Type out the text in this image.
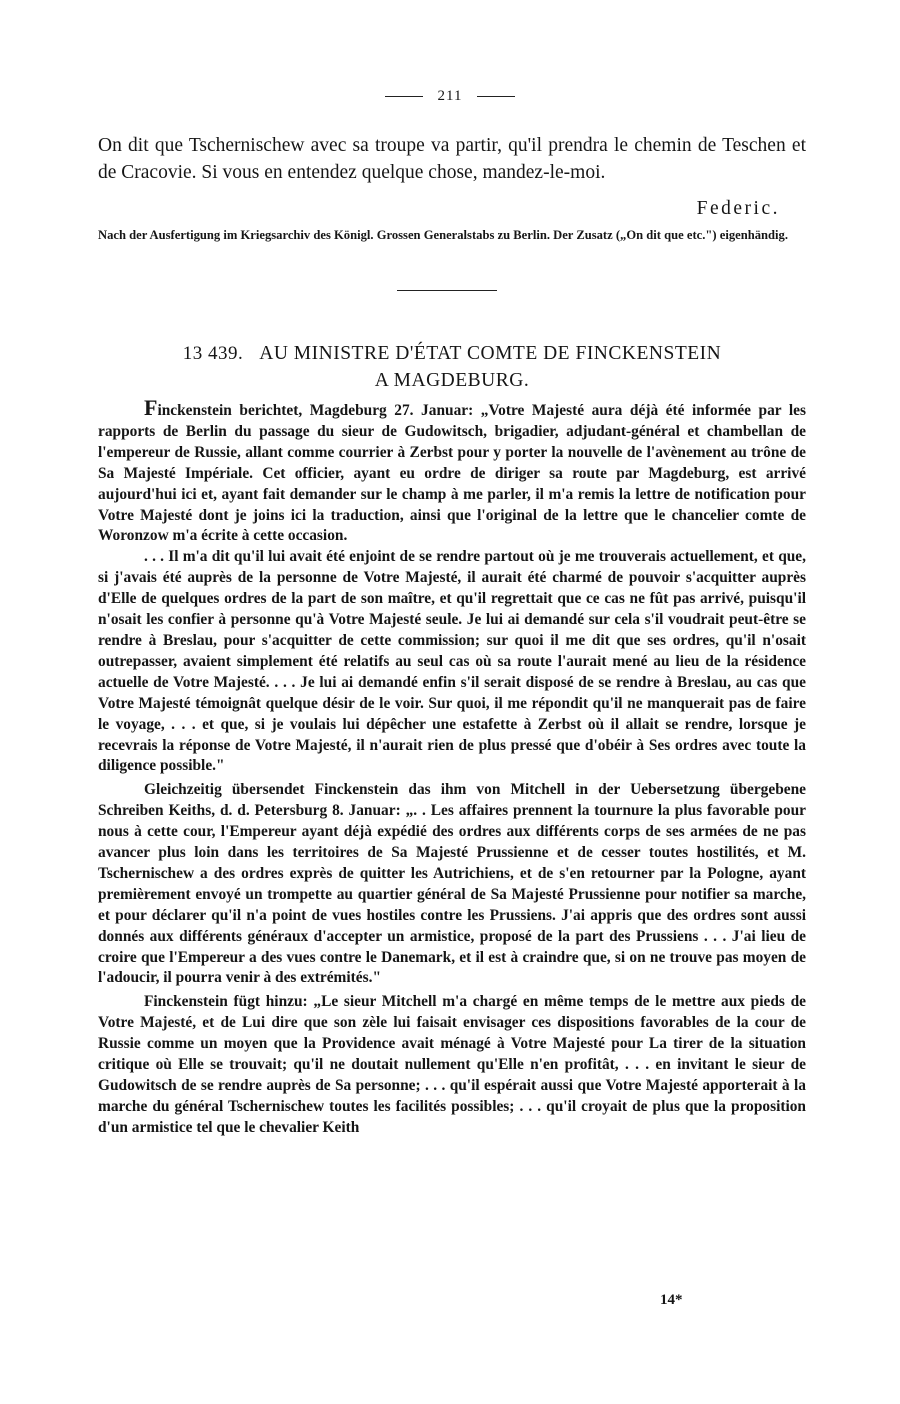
211
On dit que Tschernischew avec sa troupe va partir, qu'il prendra le chemin de Teschen et de Cracovie. Si vous en entendez quelque chose, mandez-le-moi.
Federic.
Nach der Ausfertigung im Kriegsarchiv des Königl. Grossen Generalstabs zu Berlin. Der Zusatz („On dit que etc.") eigenhändig.
13 439. AU MINISTRE D'ÉTAT COMTE DE FINCKENSTEIN
A MAGDEBURG.

Finckenstein berichtet, Magdeburg 27. Januar: „Votre Majesté aura déjà été informée par les rapports de Berlin du passage du sieur de Gudowitsch, brigadier, adjudant-général et chambellan de l'empereur de Russie, allant comme courrier à Zerbst pour y porter la nouvelle de l'avènement au trône de Sa Majesté Impériale. Cet officier, ayant eu ordre de diriger sa route par Magdeburg, est arrivé aujourd'hui ici et, ayant fait demander sur le champ à me parler, il m'a remis la lettre de notification pour Votre Majesté dont je joins ici la traduction, ainsi que l'original de la lettre que le chancelier comte de Woronzow m'a écrite à cette occasion.

. . . Il m'a dit qu'il lui avait été enjoint de se rendre partout où je me trouverais actuellement, et que, si j'avais été auprès de la personne de Votre Majesté, il aurait été charmé de pouvoir s'acquitter auprès d'Elle de quelques ordres de la part de son maître, et qu'il regrettait que ce cas ne fût pas arrivé, puisqu'il n'osait les confier à personne qu'à Votre Majesté seule. Je lui ai demandé sur cela s'il voudrait peut-être se rendre à Breslau, pour s'acquitter de cette commission; sur quoi il me dit que ses ordres, qu'il n'osait outrepasser, avaient simplement été relatifs au seul cas où sa route l'aurait mené au lieu de la résidence actuelle de Votre Majesté. . . . Je lui ai demandé enfin s'il serait disposé de se rendre à Breslau, au cas que Votre Majesté témoignât quelque désir de le voir. Sur quoi, il me répondit qu'il ne manquerait pas de faire le voyage, . . . et que, si je voulais lui dépêcher une estafette à Zerbst où il allait se rendre, lorsque je recevrais la réponse de Votre Majesté, il n'aurait rien de plus pressé que d'obéir à Ses ordres avec toute la diligence possible."

Gleichzeitig übersendet Finckenstein das ihm von Mitchell in der Uebersetzung übergebene Schreiben Keiths, d. d. Petersburg 8. Januar: „. . Les affaires prennent la tournure la plus favorable pour nous à cette cour, l'Empereur ayant déjà expédié des ordres aux différents corps de ses armées de ne pas avancer plus loin dans les territoires de Sa Majesté Prussienne et de cesser toutes hostilités, et M. Tschernischew a des ordres exprès de quitter les Autrichiens, et de s'en retourner par la Pologne, ayant premièrement envoyé un trompette au quartier général de Sa Majesté Prussienne pour notifier sa marche, et pour déclarer qu'il n'a point de vues hostiles contre les Prussiens. J'ai appris que des ordres sont aussi donnés aux différents généraux d'accepter un armistice, proposé de la part des Prussiens . . . J'ai lieu de croire que l'Empereur a des vues contre le Danemark, et il est à craindre que, si on ne trouve pas moyen de l'adoucir, il pourra venir à des extrémités."

Finckenstein fügt hinzu: „Le sieur Mitchell m'a chargé en même temps de le mettre aux pieds de Votre Majesté, et de Lui dire que son zèle lui faisait envisager ces dispositions favorables de la cour de Russie comme un moyen que la Providence avait ménagé à Votre Majesté pour La tirer de la situation critique où Elle se trouvait; qu'il ne doutait nullement qu'Elle n'en profitât, . . . en invitant le sieur de Gudowitsch de se rendre auprès de Sa personne; . . . qu'il espérait aussi que Votre Majesté apporterait à la marche du général Tschernischew toutes les facilités possibles; . . . qu'il croyait de plus que la proposition d'un armistice tel que le chevalier Keith

14*
